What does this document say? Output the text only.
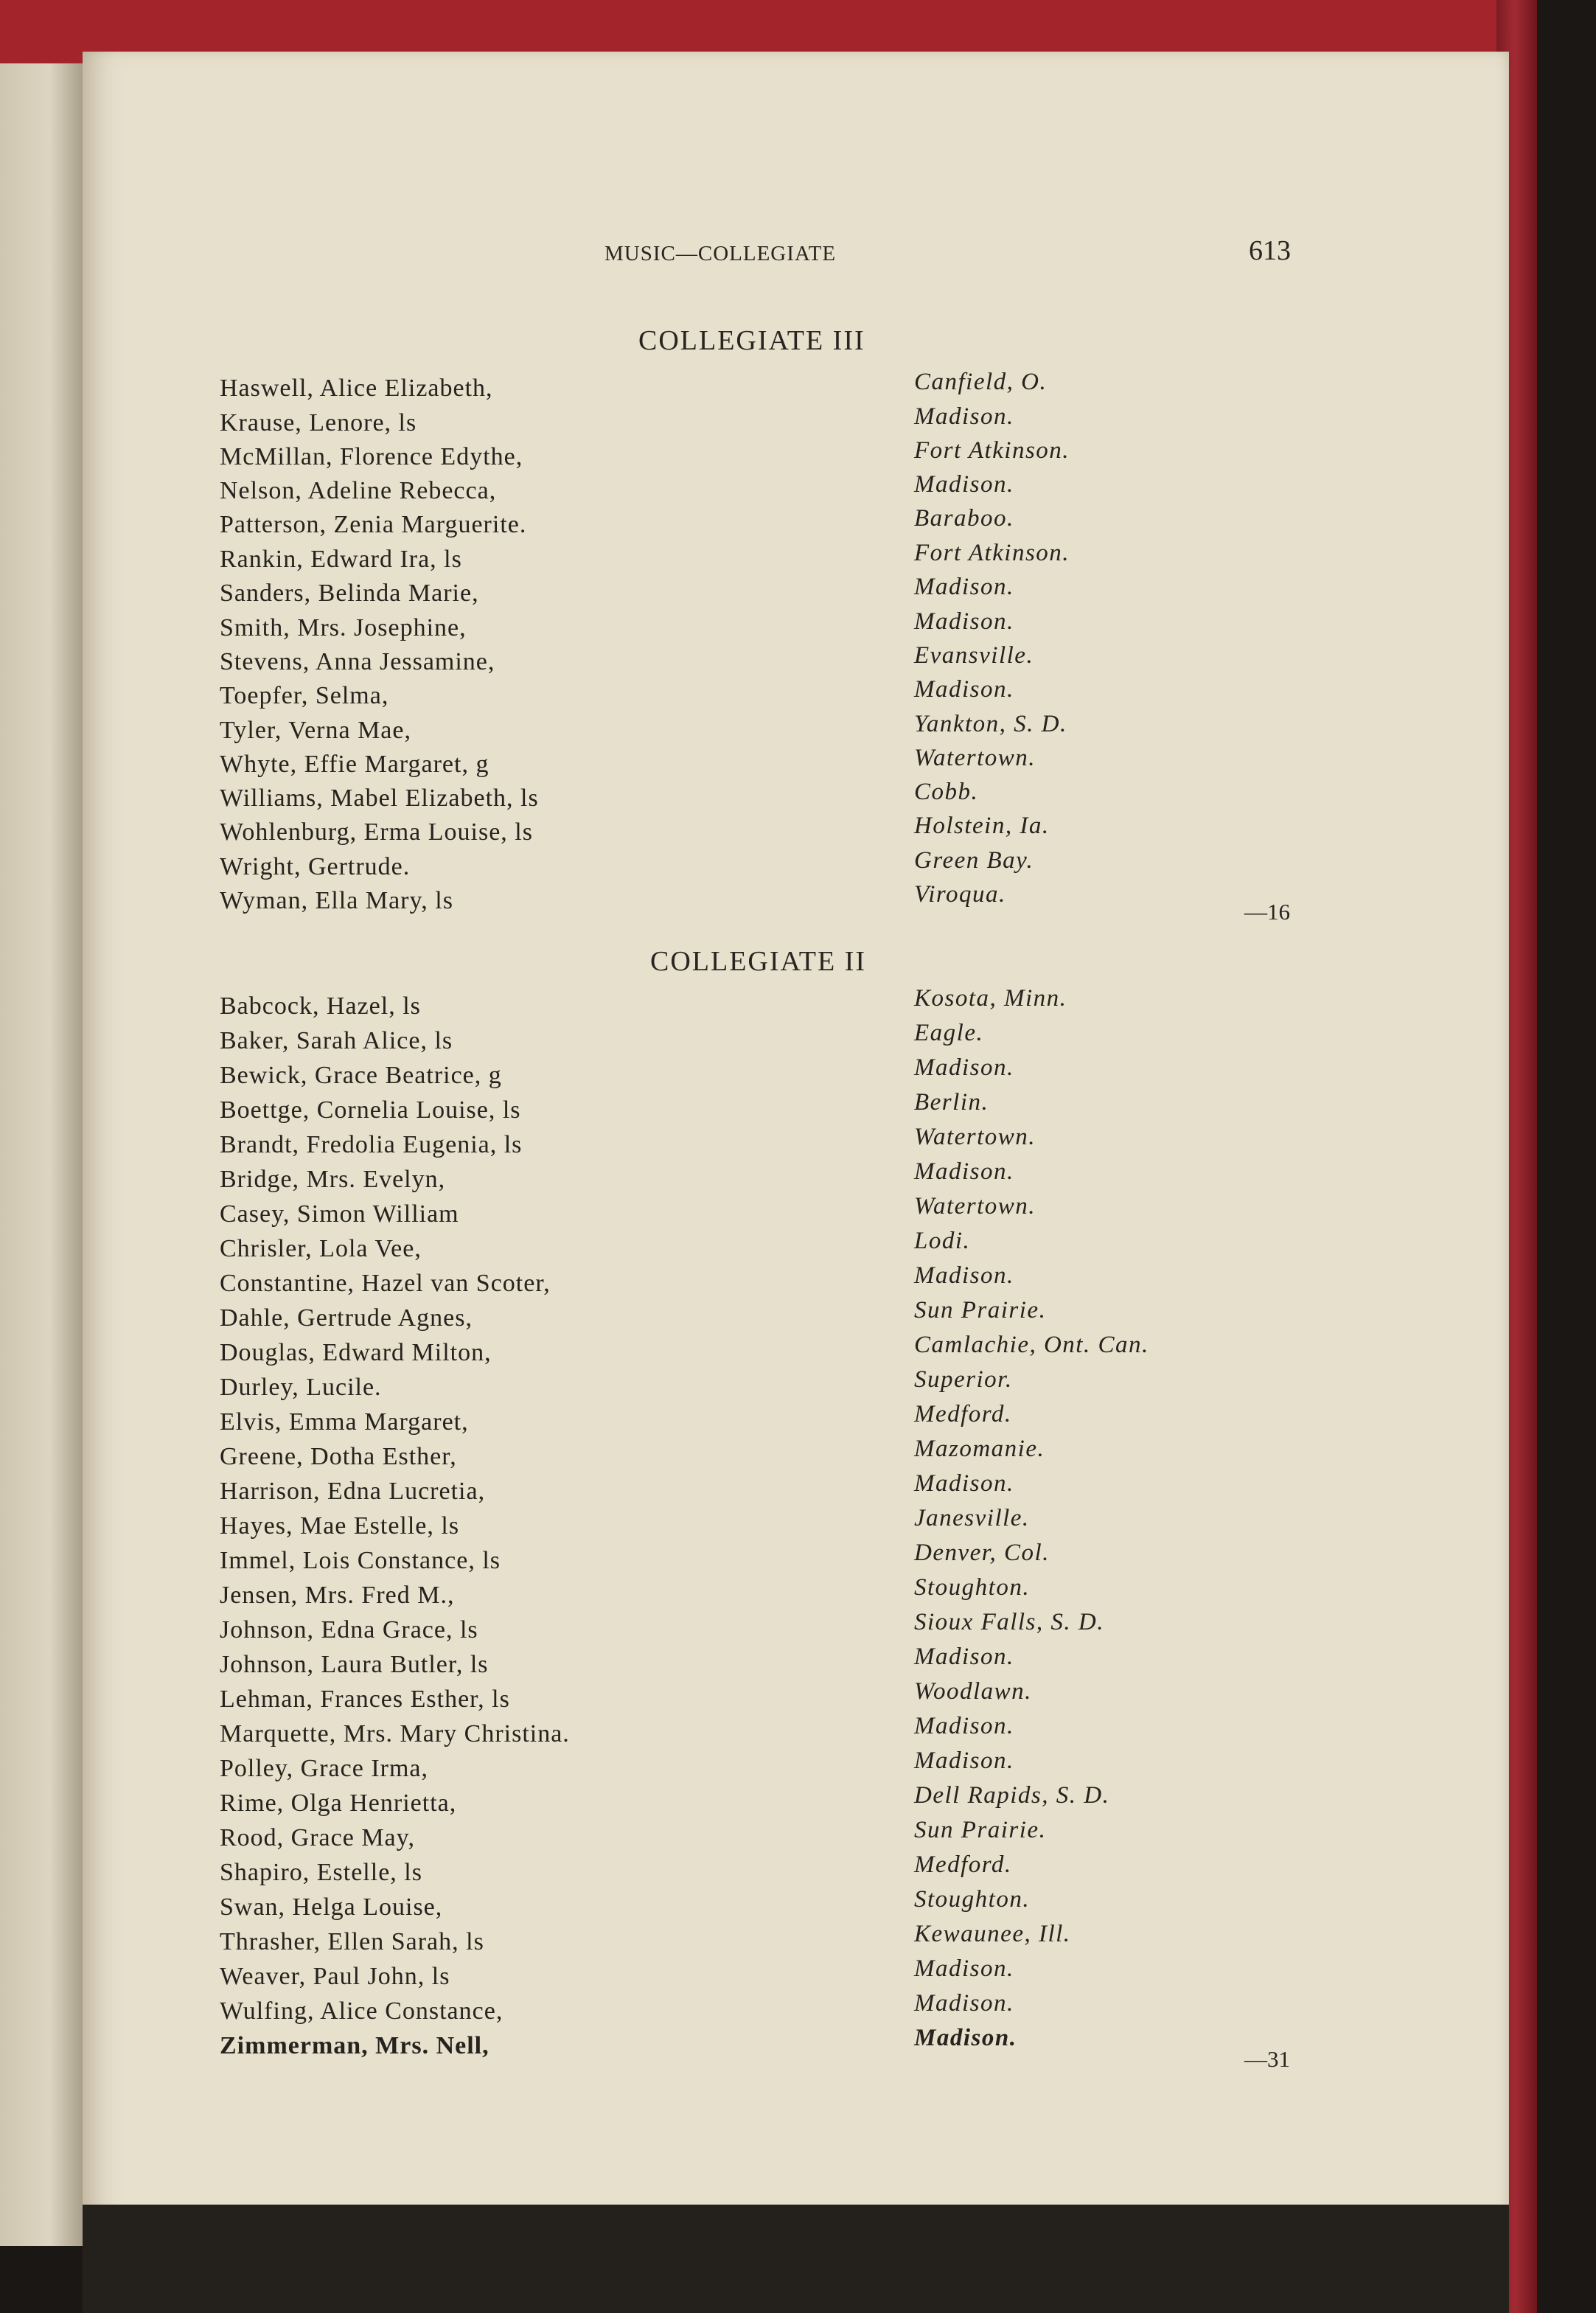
MUSIC—COLLEGIATE	613
COLLEGIATE III
Haswell, Alice Elizabeth,	Canfield, O.
Krause, Lenore, ls	Madison.
McMillan, Florence Edythe,	Fort Atkinson.
Nelson, Adeline Rebecca,	Madison.
Patterson, Zenia Marguerite.	Baraboo.
Rankin, Edward Ira, ls	Fort Atkinson.
Sanders, Belinda Marie,	Madison.
Smith, Mrs. Josephine,	Madison.
Stevens, Anna Jessamine,	Evansville.
Toepfer, Selma,	Madison.
Tyler, Verna Mae,	Yankton, S. D.
Whyte, Effie Margaret, g	Watertown.
Williams, Mabel Elizabeth, ls	Cobb.
Wohlenburg, Erma Louise, ls	Holstein, Ia.
Wright, Gertrude.	Green Bay.
Wyman, Ella Mary, ls	Viroqua.
—16
COLLEGIATE II
Babcock, Hazel, ls	Kosota, Minn.
Baker, Sarah Alice, ls	Eagle.
Bewick, Grace Beatrice, g	Madison.
Boettge, Cornelia Louise, ls	Berlin.
Brandt, Fredolia Eugenia, ls	Watertown.
Bridge, Mrs. Evelyn,	Madison.
Casey, Simon William	Watertown.
Chrisler, Lola Vee,	Lodi.
Constantine, Hazel van Scoter,	Madison.
Dahle, Gertrude Agnes,	Sun Prairie.
Douglas, Edward Milton,	Camlachie, Ont. Can.
Durley, Lucile.	Superior.
Elvis, Emma Margaret,	Medford.
Greene, Dotha Esther,	Mazomanie.
Harrison, Edna Lucretia,	Madison.
Hayes, Mae Estelle, ls	Janesville.
Immel, Lois Constance, ls	Denver, Col.
Jensen, Mrs. Fred M.,	Stoughton.
Johnson, Edna Grace, ls	Sioux Falls, S. D.
Johnson, Laura Butler, ls	Madison.
Lehman, Frances Esther, ls	Woodlawn.
Marquette, Mrs. Mary Christina.	Madison.
Polley, Grace Irma,	Madison.
Rime, Olga Henrietta,	Dell Rapids, S. D.
Rood, Grace May,	Sun Prairie.
Shapiro, Estelle, ls	Medford.
Swan, Helga Louise,	Stoughton.
Thrasher, Ellen Sarah, ls	Kewaunee, Ill.
Weaver, Paul John, ls	Madison.
Wulfing, Alice Constance,	Madison.
Zimmerman, Mrs. Nell,	Madison.
—31
